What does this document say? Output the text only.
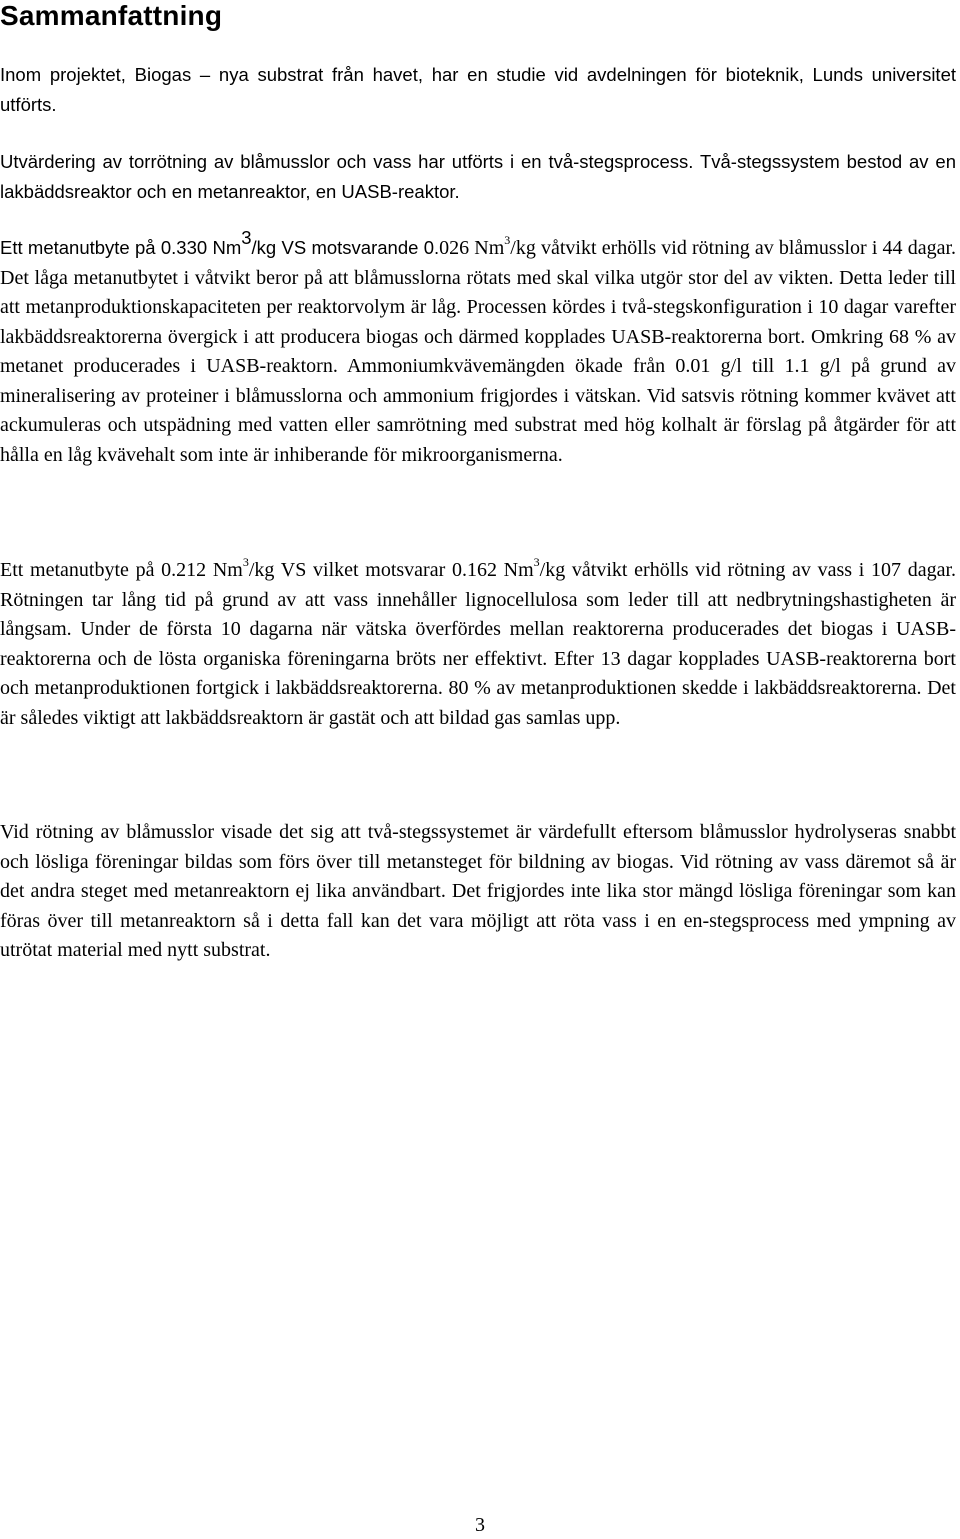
Sammanfattning

Inom projektet, Biogas – nya substrat från havet, har en studie vid avdelningen för bioteknik, Lunds universitet utförts.

Utvärdering av torrötning av blåmusslor och vass har utförts i en två-stegsprocess. Två-stegssystem bestod av en lakbäddsreaktor och en metanreaktor, en UASB-reaktor.

Ett metanutbyte på 0.330 Nm$^3$/kg VS motsvarande 0.026 Nm$^3$/kg våtvikt erhölls vid rötning av blåmusslor i 44 dagar. Det låga metanutbytet i våtvikt beror på att blåmusslorna rötats med skal vilka utgör stor del av vikten. Detta leder till att metanproduktionskapaciteten per reaktorvolym är låg. Processen kördes i två-stegskonfiguration i 10 dagar varefter lakbäddsreaktorerna övergick i att producera biogas och därmed kopplades UASB-reaktorerna bort. Omkring 68 % av metanet producerades i UASB-reaktorn. Ammoniumkvävemängden ökade från 0.01 g/l till 1.1 g/l på grund av mineralisering av proteiner i blåmusslorna och ammonium frigjordes i vätskan. Vid satsvis rötning kommer kvävet att ackumuleras och utspädning med vatten eller samrötning med substrat med hög kolhalt är förslag på åtgärder för att hålla en låg kvävehalt som inte är inhiberande för mikroorganismerna.

Ett metanutbyte på 0.212 Nm$^3$/kg VS vilket motsvarar 0.162 Nm$^3$/kg våtvikt erhölls vid rötning av vass i 107 dagar. Rötningen tar lång tid på grund av att vass innehåller lignocellulosa som leder till att nedbrytningshastigheten är långsam. Under de första 10 dagarna när vätska överfördes mellan reaktorerna producerades det biogas i UASB-reaktorerna och de lösta organiska föreningarna bröts ner effektivt. Efter 13 dagar kopplades UASB-reaktorerna bort och metanproduktionen fortgick i lakbäddsreaktorerna. 80 % av metanproduktionen skedde i lakbäddsreaktorerna. Det är således viktigt att lakbäddsreaktorn är gastät och att bildad gas samlas upp.

Vid rötning av blåmusslor visade det sig att två-stegssystemet är värdefullt eftersom blåmusslor hydrolyseras snabbt och lösliga föreningar bildas som förs över till metansteget för bildning av biogas. Vid rötning av vass däremot så är det andra steget med metanreaktorn ej lika användbart. Det frigjordes inte lika stor mängd lösliga föreningar som kan föras över till metanreaktorn så i detta fall kan det vara möjligt att röta vass i en en-stegsprocess med ympning av utrötat material med nytt substrat.

3
